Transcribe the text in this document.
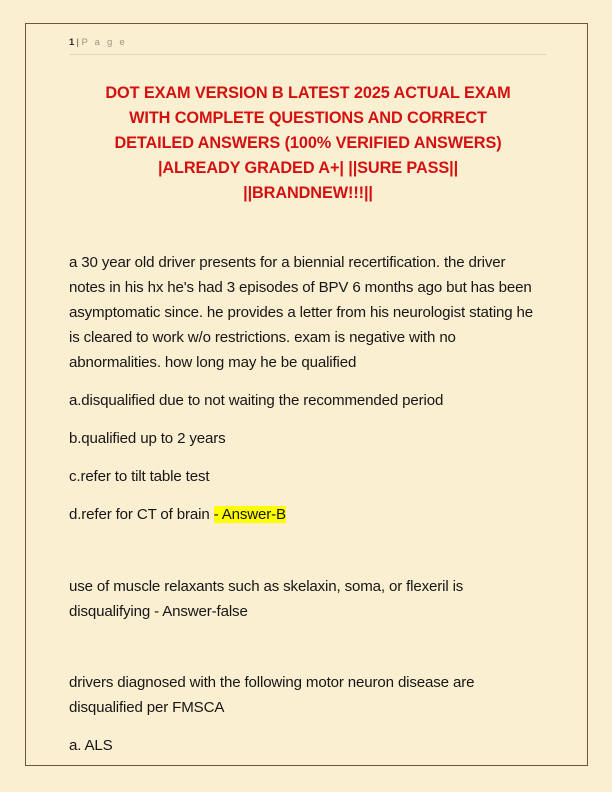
1 | P a g e
DOT EXAM VERSION B LATEST 2025 ACTUAL EXAM
WITH COMPLETE QUESTIONS AND CORRECT
DETAILED ANSWERS (100% VERIFIED ANSWERS)
|ALREADY GRADED A+| ||SURE PASS||
||BRANDNEW!!!||

a 30 year old driver presents for a biennial recertification. the driver notes in his hx he's had 3 episodes of BPV 6 months ago but has been asymptomatic since. he provides a letter from his neurologist stating he is cleared to work w/o restrictions. exam is negative with no abnormalities. how long may he be qualified

a.disqualified due to not waiting the recommended period

b.qualified up to 2 years

c.refer to tilt table test

d.refer for CT of brain - Answer-B

use of muscle relaxants such as skelaxin, soma, or flexeril is disqualifying - Answer-false

drivers diagnosed with the following motor neuron disease are disqualified per FMSCA

a. ALS
